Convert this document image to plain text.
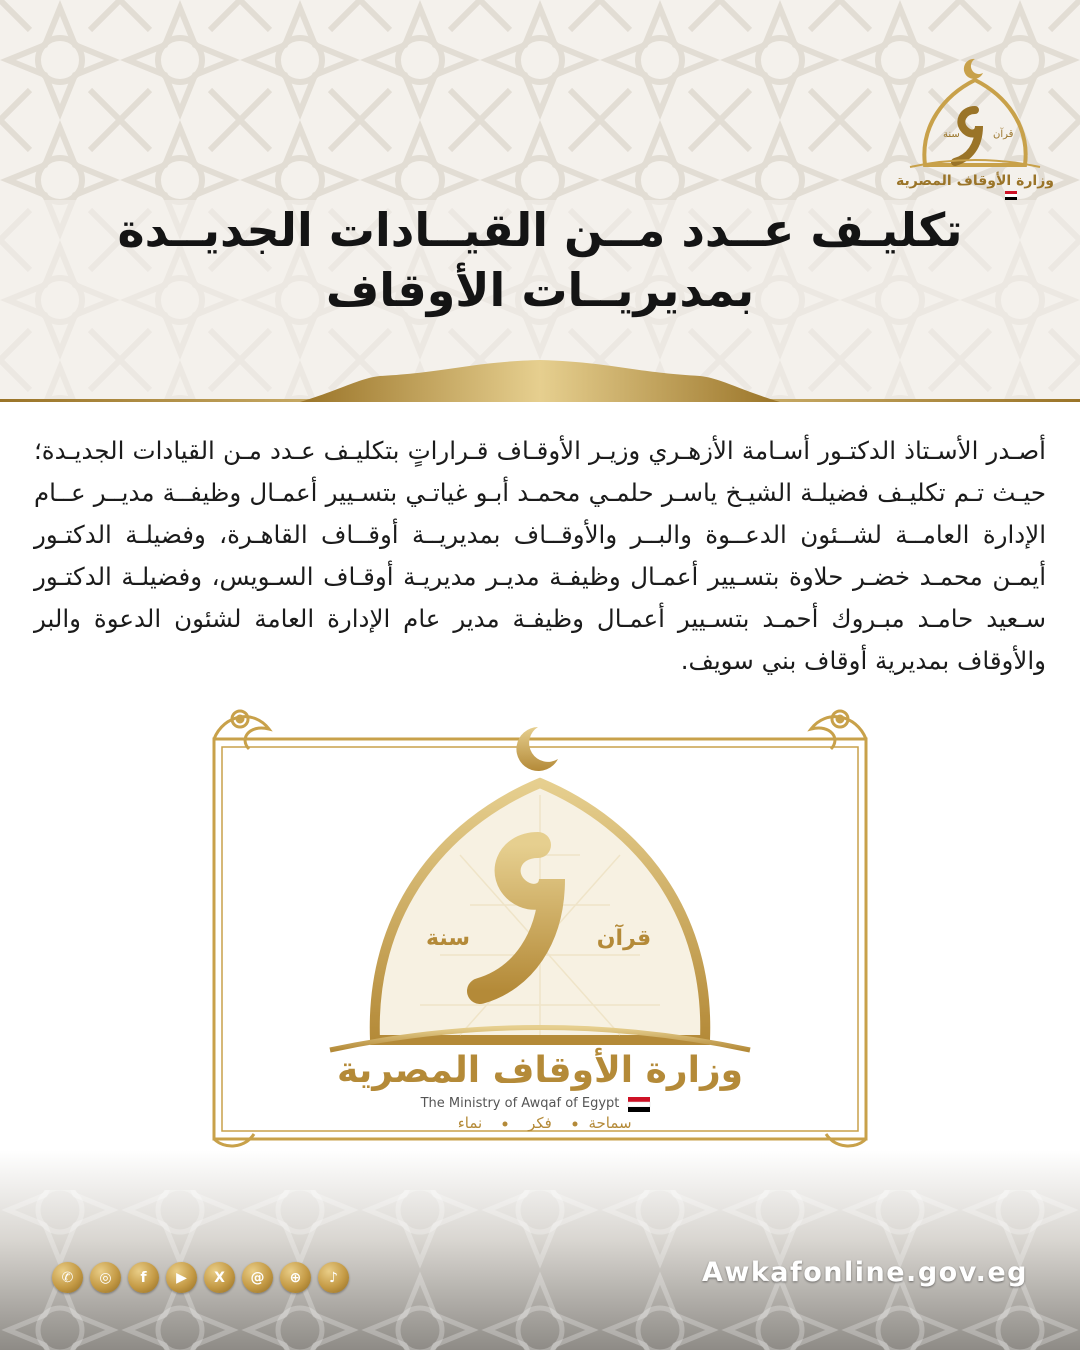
سنة	قرآن
وزارة الأوقاف المصرية
تكليـف عــدد مــن القيــادات الجديــدة بمديريــات الأوقاف
أصـدر الأسـتاذ الدكتـور أسـامة الأزهـري وزيـر الأوقـاف قـراراتٍ بتكليـف عـدد مـن القيادات الجديـدة؛ حيـث تـم تكليـف فضيلـة الشيـخ ياسـر حلمـي محمـد أبـو غياتـي بتسـيير أعمـال وظيفــة مديــر عــام الإدارة العامــة لشــئون الدعــوة والبــر والأوقــاف بمديريــة أوقــاف القاهـرة، وفضيلـة الدكتـور أيمـن محمـد خضـر حلاوة بتسـيير أعمـال وظيفـة مديـر مديريـة أوقـاف السـويس، وفضيلـة الدكتـور سـعيد حامـد مبـروك أحمـد بتسـيير أعمـال وظيفـة مدير عام الإدارة العامة لشئون الدعوة والبر والأوقاف بمديرية أوقاف بني سويف.
سنة	قرآن
وزارة الأوقاف المصرية
The Ministry of Awqaf of Egypt
سماحة
فكر
نماء
✆	◎	f	▶	X	@	⊕	♪	Awkafonline.gov.eg
